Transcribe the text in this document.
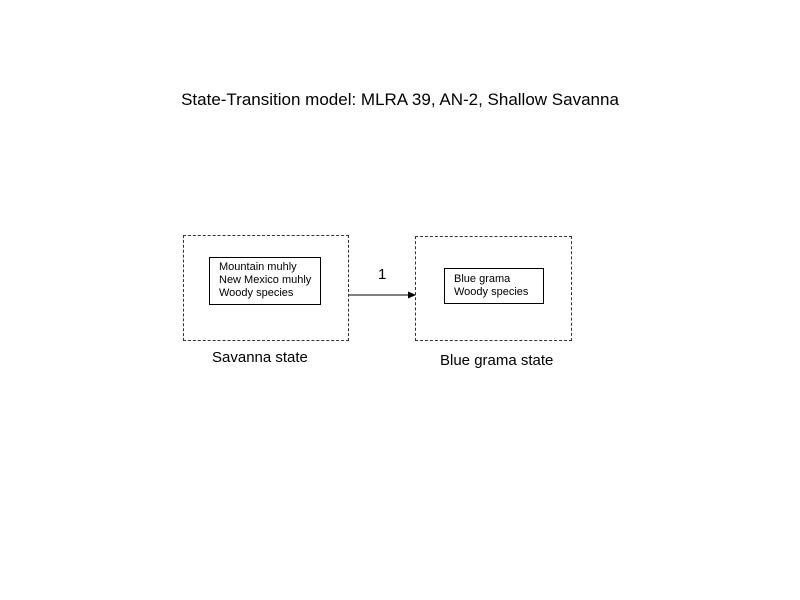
State-Transition model: MLRA 39, AN-2, Shallow Savanna
Mountain muhly
New Mexico muhly
Woody species
Savanna state
1	Blue grama
Woody species
Blue grama state
